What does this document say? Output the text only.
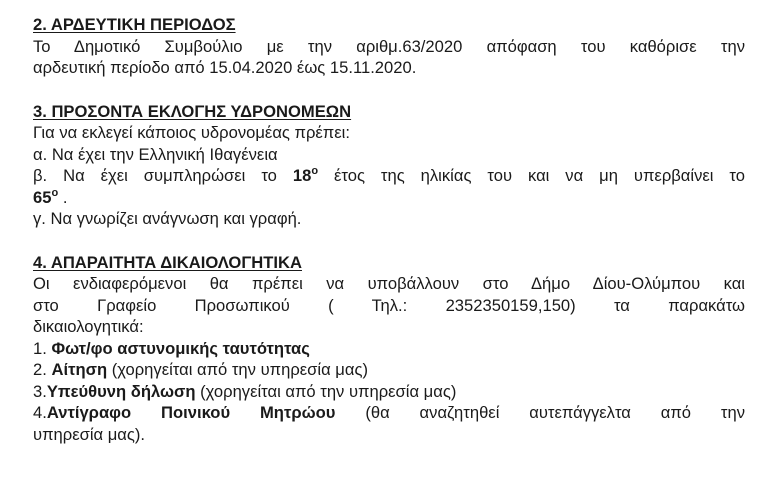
2. ΑΡΔΕΥΤΙΚΗ ΠΕΡΙΟΔΟΣ

Το Δημοτικό Συμβούλιο με την αριθμ.63/2020 απόφαση του καθόρισε την

αρδευτική περίοδο από 15.04.2020 έως 15.11.2020.

3. ΠΡΟΣΟΝΤΑ ΕΚΛΟΓΗΣ ΥΔΡΟΝΟΜΕΩΝ

Για να εκλεγεί κάποιος υδρονομέας πρέπει:

α. Να έχει την Ελληνική Ιθαγένεια

β. Να έχει συμπληρώσει το $18^o$ έτος της ηλικίας του και να μη υπερβαίνει το

$65^o$ .

γ. Να γνωρίζει ανάγνωση και γραφή.

4. ΑΠΑΡΑΙΤΗΤΑ ΔΙΚΑΙΟΛΟΓΗΤΙΚΑ

Οι ενδιαφερόμενοι θα πρέπει να υποβάλλουν στο Δήμο Δίου-Ολύμπου και

στο Γραφείο Προσωπικού ( Τηλ.: 2352350159,150) τα παρακάτω

δικαιολογητικά:

1. Φωτ/φο αστυνομικής ταυτότητας

2. Αίτηση (χορηγείται από την υπηρεσία μας)

3.Υπεύθυνη δήλωση (χορηγείται από την υπηρεσία μας)

4.Αντίγραφο Ποινικού Μητρώου (θα αναζητηθεί αυτεπάγγελτα από την

υπηρεσία μας).
